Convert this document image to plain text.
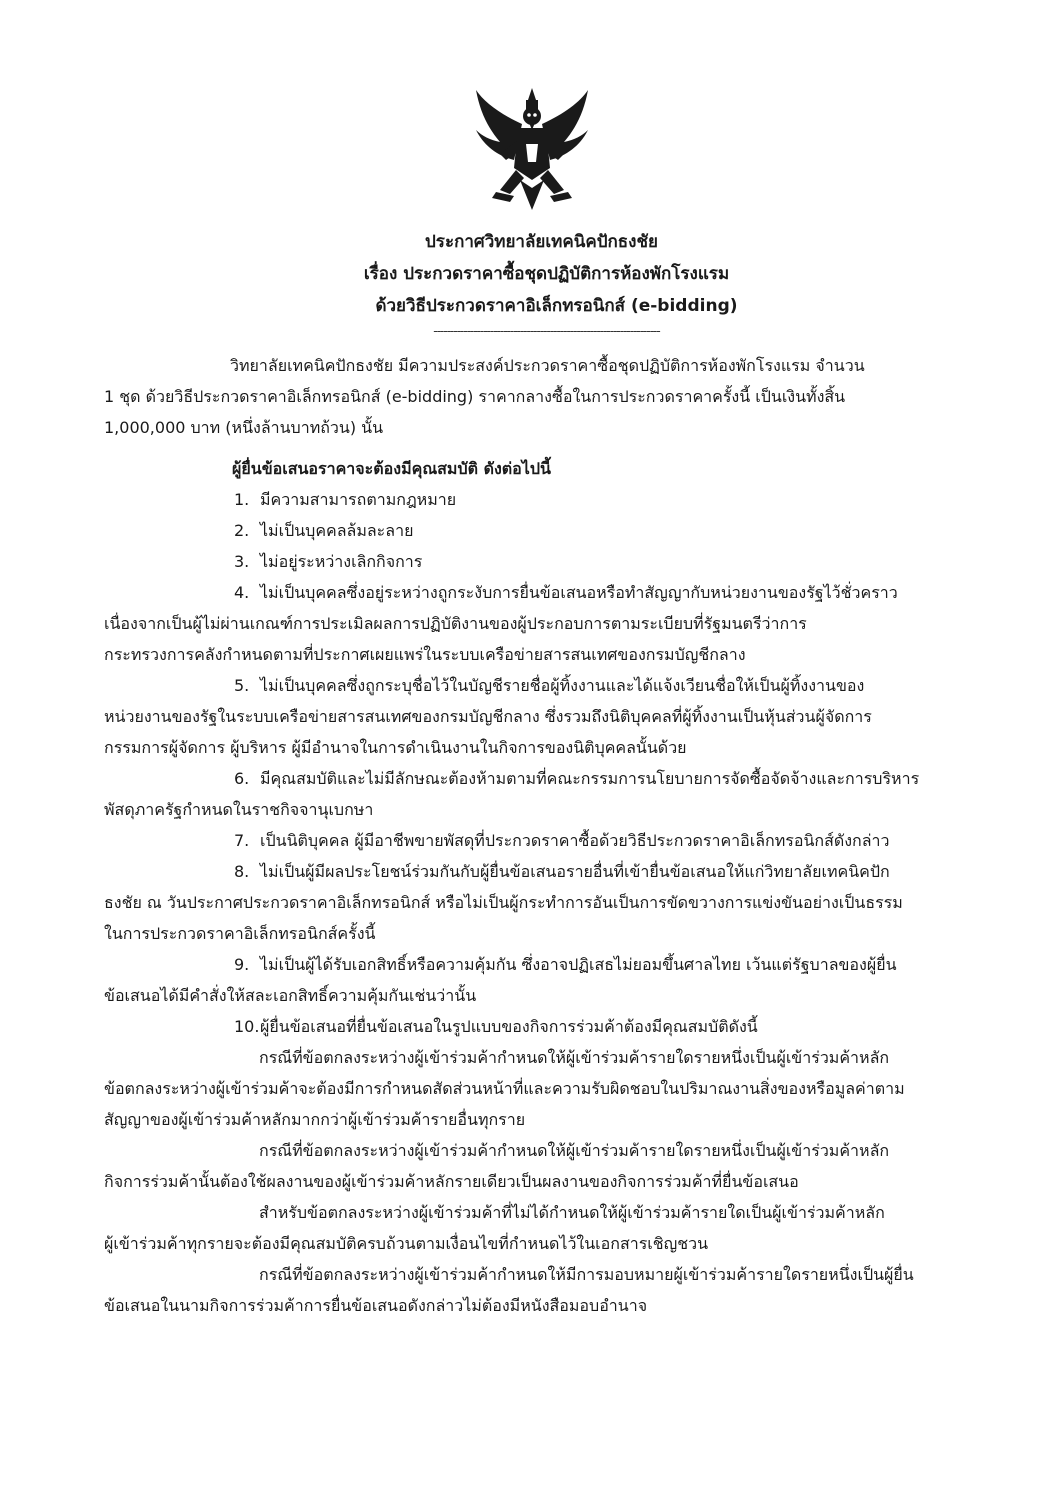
ประกาศวิทยาลัยเทคนิคปักธงชัย
เรื่อง ประกวดราคาซื้อชุดปฏิบัติการห้องพักโรงแรม
ด้วยวิธีประกวดราคาอิเล็กทรอนิกส์ (e-bidding)
--------------------------------------------------------------------
วิทยาลัยเทคนิคปักธงชัย มีความประสงค์ประกวดราคาซื้อชุดปฏิบัติการห้องพักโรงแรม จำนวน
1 ชุด ด้วยวิธีประกวดราคาอิเล็กทรอนิกส์ (e-bidding) ราคากลางซื้อในการประกวดราคาครั้งนี้ เป็นเงินทั้งสิ้น
1,000,000 บาท (หนึ่งล้านบาทถ้วน) นั้น
ผู้ยื่นข้อเสนอราคาจะต้องมีคุณสมบัติ ดังต่อไปนี้
1. มีความสามารถตามกฎหมาย
2. ไม่เป็นบุคคลล้มละลาย
3. ไม่อยู่ระหว่างเลิกกิจการ
4. ไม่เป็นบุคคลซึ่งอยู่ระหว่างถูกระงับการยื่นข้อเสนอหรือทำสัญญากับหน่วยงานของรัฐไว้ชั่วคราว
เนื่องจากเป็นผู้ไม่ผ่านเกณฑ์การประเมิลผลการปฏิบัติงานของผู้ประกอบการตามระเบียบที่รัฐมนตรีว่าการ
กระทรวงการคลังกำหนดตามที่ประกาศเผยแพร่ในระบบเครือข่ายสารสนเทศของกรมบัญชีกลาง
5. ไม่เป็นบุคคลซึ่งถูกระบุชื่อไว้ในบัญชีรายชื่อผู้ทิ้งงานและได้แจ้งเวียนชื่อให้เป็นผู้ทิ้งงานของ
หน่วยงานของรัฐในระบบเครือข่ายสารสนเทศของกรมบัญชีกลาง ซึ่งรวมถึงนิติบุคคลที่ผู้ทิ้งงานเป็นหุ้นส่วนผู้จัดการ
กรรมการผู้จัดการ ผู้บริหาร ผู้มีอำนาจในการดำเนินงานในกิจการของนิติบุคคลนั้นด้วย
6. มีคุณสมบัติและไม่มีลักษณะต้องห้ามตามที่คณะกรรมการนโยบายการจัดซื้อจัดจ้างและการบริหาร
พัสดุภาครัฐกำหนดในราชกิจจานุเบกษา
7. เป็นนิติบุคคล ผู้มีอาชีพขายพัสดุที่ประกวดราคาซื้อด้วยวิธีประกวดราคาอิเล็กทรอนิกส์ดังกล่าว
8. ไม่เป็นผู้มีผลประโยชน์ร่วมกันกับผู้ยื่นข้อเสนอรายอื่นที่เข้ายื่นข้อเสนอให้แก่วิทยาลัยเทคนิคปัก
ธงชัย ณ วันประกาศประกวดราคาอิเล็กทรอนิกส์ หรือไม่เป็นผู้กระทำการอันเป็นการขัดขวางการแข่งขันอย่างเป็นธรรม
ในการประกวดราคาอิเล็กทรอนิกส์ครั้งนี้
9. ไม่เป็นผู้ได้รับเอกสิทธิ์หรือความคุ้มกัน ซึ่งอาจปฏิเสธไม่ยอมขึ้นศาลไทย เว้นแต่รัฐบาลของผู้ยื่น
ข้อเสนอได้มีคำสั่งให้สละเอกสิทธิ์ความคุ้มกันเช่นว่านั้น
10.ผู้ยื่นข้อเสนอที่ยื่นข้อเสนอในรูปแบบของกิจการร่วมค้าต้องมีคุณสมบัติดังนี้
กรณีที่ข้อตกลงระหว่างผู้เข้าร่วมค้ากำหนดให้ผู้เข้าร่วมค้ารายใดรายหนึ่งเป็นผู้เข้าร่วมค้าหลัก
ข้อตกลงระหว่างผู้เข้าร่วมค้าจะต้องมีการกำหนดสัดส่วนหน้าที่และความรับผิดชอบในปริมาณงานสิ่งของหรือมูลค่าตาม
สัญญาของผู้เข้าร่วมค้าหลักมากกว่าผู้เข้าร่วมค้ารายอื่นทุกราย
กรณีที่ข้อตกลงระหว่างผู้เข้าร่วมค้ากำหนดให้ผู้เข้าร่วมค้ารายใดรายหนึ่งเป็นผู้เข้าร่วมค้าหลัก
กิจการร่วมค้านั้นต้องใช้ผลงานของผู้เข้าร่วมค้าหลักรายเดียวเป็นผลงานของกิจการร่วมค้าที่ยื่นข้อเสนอ
สำหรับข้อตกลงระหว่างผู้เข้าร่วมค้าที่ไม่ได้กำหนดให้ผู้เข้าร่วมค้ารายใดเป็นผู้เข้าร่วมค้าหลัก
ผู้เข้าร่วมค้าทุกรายจะต้องมีคุณสมบัติครบถ้วนตามเงื่อนไขที่กำหนดไว้ในเอกสารเชิญชวน
กรณีที่ข้อตกลงระหว่างผู้เข้าร่วมค้ากำหนดให้มีการมอบหมายผู้เข้าร่วมค้ารายใดรายหนึ่งเป็นผู้ยื่น
ข้อเสนอในนามกิจการร่วมค้าการยื่นข้อเสนอดังกล่าวไม่ต้องมีหนังสือมอบอำนาจ
